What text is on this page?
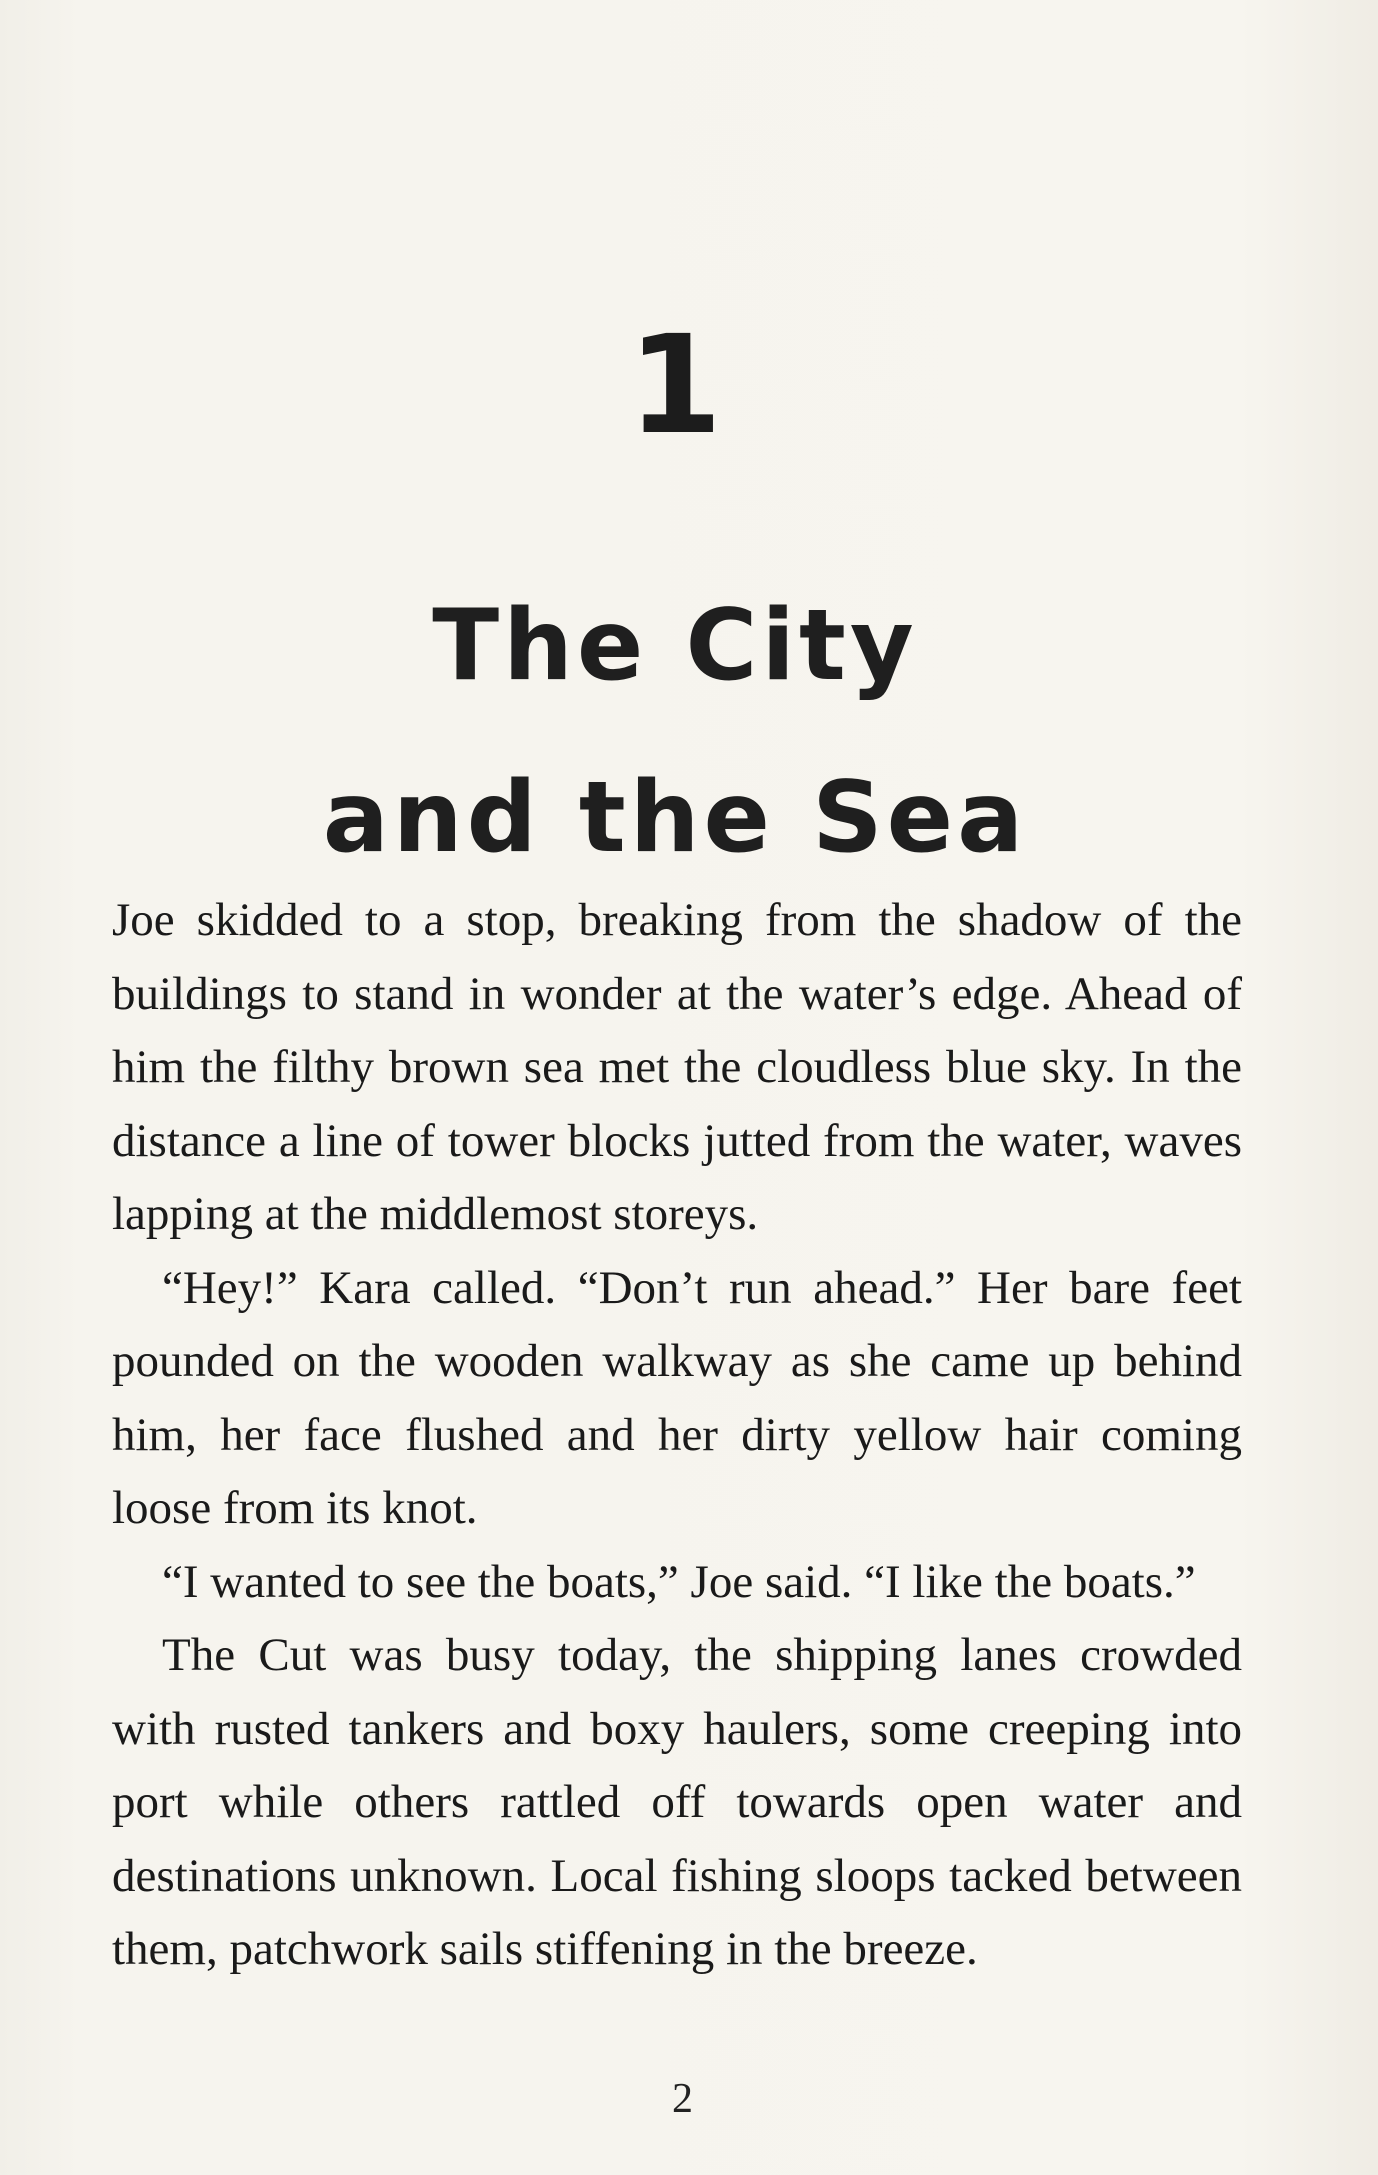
1
The City
and the Sea

Joe skidded to a stop, breaking from the shadow of the buildings to stand in wonder at the water’s edge. Ahead of him the filthy brown sea met the cloudless blue sky. In the distance a line of tower blocks jutted from the water, waves lapping at the middlemost storeys.

“Hey!” Kara called. “Don’t run ahead.” Her bare feet pounded on the wooden walkway as she came up behind him, her face flushed and her dirty yellow hair coming loose from its knot.

“I wanted to see the boats,” Joe said. “I like the boats.”

The Cut was busy today, the shipping lanes crowded with rusted tankers and boxy haulers, some creeping into port while others rattled off towards open water and destinations unknown. Local fishing sloops tacked between them, patchwork sails stiffening in the breeze.

2
